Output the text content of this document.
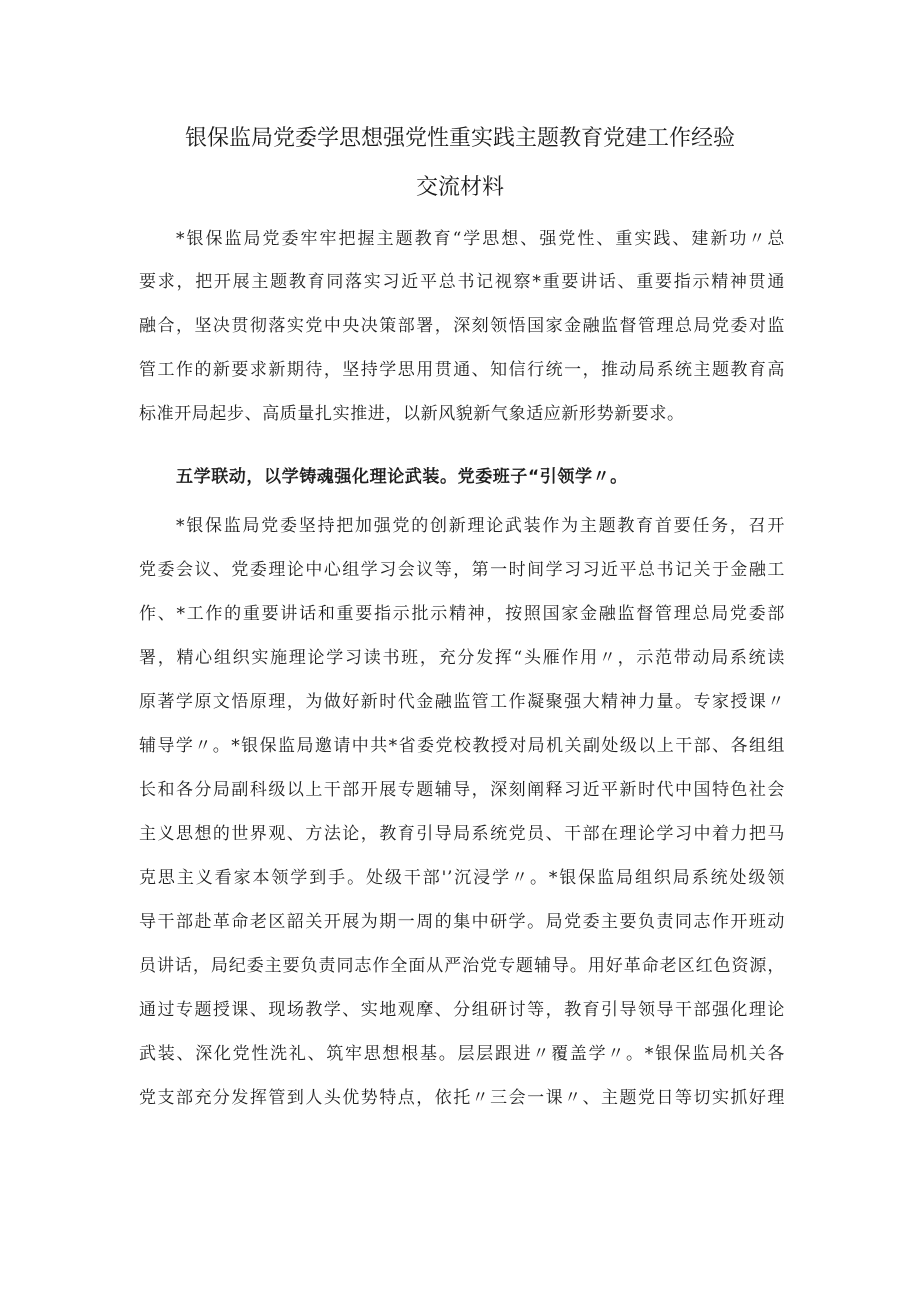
银保监局党委学思想强党性重实践主题教育党建工作经验
交流材料
*银保监局党委牢牢把握主题教育“学思想、强党性、重实践、建新功〃总
要求，把开展主题教育同落实习近平总书记视察*重要讲话、重要指示精神贯通
融合，坚决贯彻落实党中央决策部署，深刻领悟国家金融监督管理总局党委对监
管工作的新要求新期待，坚持学思用贯通、知信行统一，推动局系统主题教育高
标准开局起步、高质量扎实推进，以新风貌新气象适应新形势新要求。
五学联动，以学铸魂强化理论武装。党委班子“引领学〃。
*银保监局党委坚持把加强党的创新理论武装作为主题教育首要任务，召开
党委会议、党委理论中心组学习会议等，第一时间学习习近平总书记关于金融工
作、*工作的重要讲话和重要指示批示精神，按照国家金融监督管理总局党委部
署，精心组织实施理论学习读书班，充分发挥“头雁作用〃，示范带动局系统读
原著学原文悟原理，为做好新时代金融监管工作凝聚强大精神力量。专家授课〃
辅导学〃。*银保监局邀请中共*省委党校教授对局机关副处级以上干部、各组组
长和各分局副科级以上干部开展专题辅导，深刻阐释习近平新时代中国特色社会
主义思想的世界观、方法论，教育引导局系统党员、干部在理论学习中着力把马
克思主义看家本领学到手。处级干部'’沉浸学〃。*银保监局组织局系统处级领
导干部赴革命老区韶关开展为期一周的集中研学。局党委主要负责同志作开班动
员讲话，局纪委主要负责同志作全面从严治党专题辅导。用好革命老区红色资源，
通过专题授课、现场教学、实地观摩、分组研讨等，教育引导领导干部强化理论
武装、深化党性洗礼、筑牢思想根基。层层跟进〃覆盖学〃。*银保监局机关各
党支部充分发挥管到人头优势特点，依托〃三会一课〃、主题党日等切实抓好理
